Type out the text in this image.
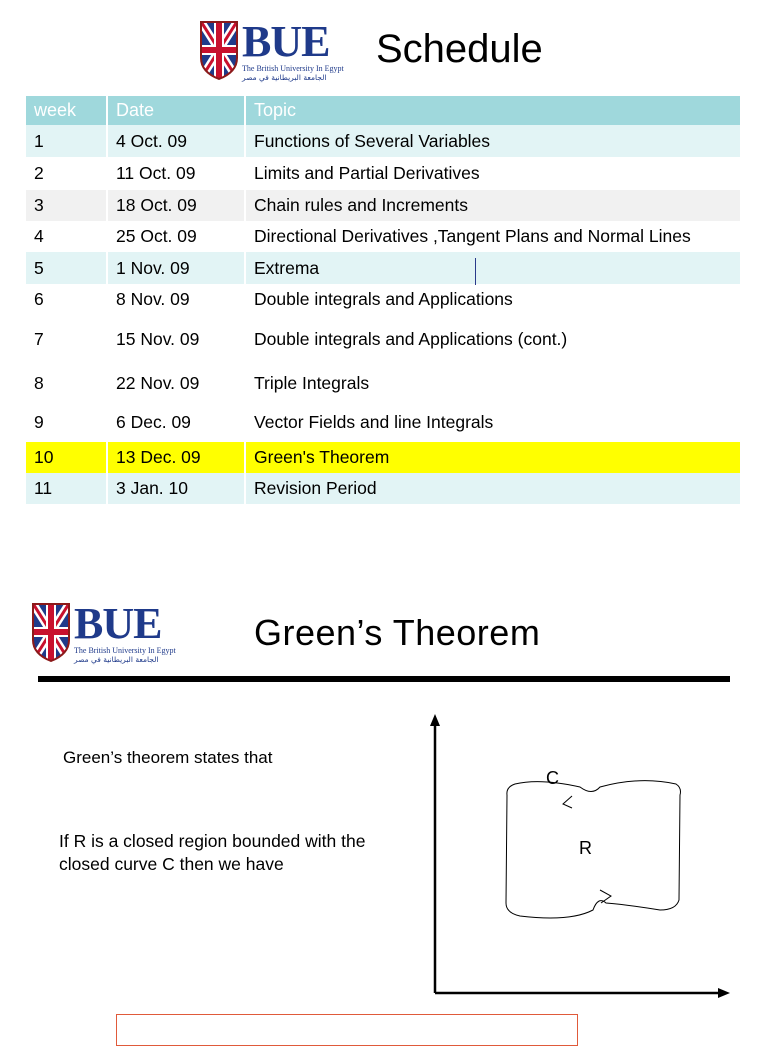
BUE
The British University In Egypt
الجامعة البريطانية في مصر
Schedule
week	Date	Topic
1	4 Oct. 09	Functions of Several Variables
2	11 Oct. 09	Limits and Partial Derivatives
3	18 Oct. 09	Chain rules and Increments
4	25 Oct. 09	Directional Derivatives ,Tangent Plans and Normal Lines
5	1 Nov. 09	Extrema
6	8 Nov. 09	Double integrals and Applications
7	15 Nov. 09	Double integrals and Applications (cont.)
8	22 Nov. 09	Triple Integrals
9	6 Dec. 09	Vector Fields and line Integrals
10	13 Dec. 09	Green's Theorem
11	3 Jan. 10	Revision Period
BUE
The British University In Egypt
الجامعة البريطانية في مصر
Green’s Theorem
Green’s theorem states that
If R is a closed region bounded with the closed curve C then we have
C
R
